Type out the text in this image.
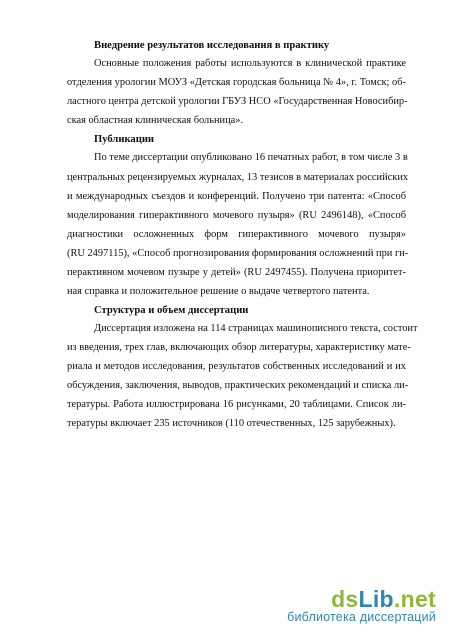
Внедрение результатов исследования в практику
Основные положения работы используются в клинической практике
отделения урологии МОУЗ «Детская городская больница № 4», г. Томск; об-
ластного центра детской урологии ГБУЗ НСО «Государственная Новосибир-
ская областная клиническая больница».
Публикации
По теме диссертации опубликовано 16 печатных работ, в том числе 3 в
центральных рецензируемых журналах, 13 тезисов в материалах российских
и международных съездов и конференций. Получено три патента: «Способ
моделирования гиперактивного мочевого пузыря» (RU 2496148), «Способ
диагностики осложненных форм гиперактивного мочевого пузыря»
(RU 2497115), «Способ прогнозирования формирования осложнений при ги-
перактивном мочевом пузыре у детей» (RU 2497455). Получена приоритет-
ная справка и положительное решение о выдаче четвертого патента.
Структура и объем диссертации
Диссертация изложена на 114 страницах машинописного текста, состоит
из введения, трех глав, включающих обзор литературы, характеристику мате-
риала и методов исследования, результатов собственных исследований и их
обсуждения, заключения, выводов, практических рекомендаций и списка ли-
тературы. Работа иллюстрирована 16 рисунками, 20 таблицами. Список ли-
тературы включает 235 источников (110 отечественных, 125 зарубежных).
dsLib.net
библиотека диссертаций
